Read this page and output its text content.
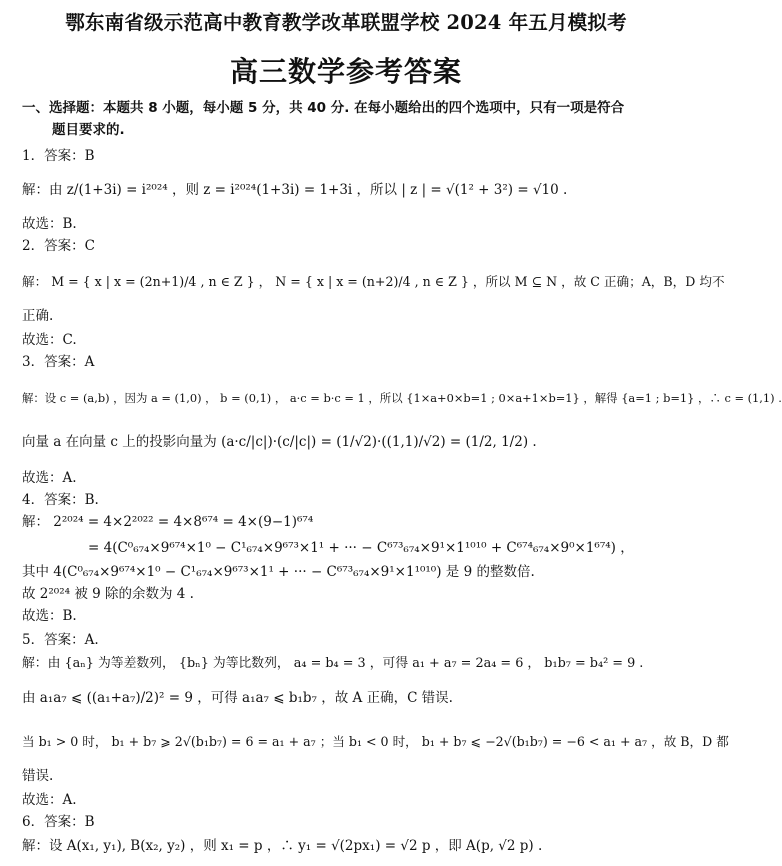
鄂东南省级示范高中教育教学改革联盟学校 2024 年五月模拟考
高三数学参考答案
一、选择题：本题共 8 小题，每小题 5 分，共 40 分. 在每小题给出的四个选项中，只有一项是符合
题目要求的.
1．答案：B
解：由 z/(1+3i) = i²⁰²⁴ ，则 z = i²⁰²⁴(1+3i) = 1+3i ，所以 | z | = √(1² + 3²) = √10 .
故选：B.
2．答案：C
解： M = { x | x = (2n+1)/4 , n ∈ Z } ， N = { x | x = (n+2)/4 , n ∈ Z } ，所以 M ⊆ N ，故 C 正确；A，B，D 均不
正确.
故选：C.
3．答案：A
解：设 c = (a,b) ，因为 a = (1,0) ， b = (0,1) ， a·c = b·c = 1 ，所以 {1×a+0×b=1 ; 0×a+1×b=1} ，解得 {a=1 ; b=1} ，∴ c = (1,1) .
向量 a 在向量 c 上的投影向量为 (a·c/|c|)·(c/|c|) = (1/√2)·((1,1)/√2) = (1/2, 1/2) .
故选：A.
4．答案：B.
解： 2²⁰²⁴ = 4×2²⁰²² = 4×8⁶⁷⁴ = 4×(9−1)⁶⁷⁴
= 4(C⁰₆₇₄×9⁶⁷⁴×1⁰ − C¹₆₇₄×9⁶⁷³×1¹ + ··· − C⁶⁷³₆₇₄×9¹×1¹⁰¹⁰ + C⁶⁷⁴₆₇₄×9⁰×1⁶⁷⁴) ，
其中 4(C⁰₆₇₄×9⁶⁷⁴×1⁰ − C¹₆₇₄×9⁶⁷³×1¹ + ··· − C⁶⁷³₆₇₄×9¹×1¹⁰¹⁰) 是 9 的整数倍.
故 2²⁰²⁴ 被 9 除的余数为 4 .
故选：B.
5．答案：A.
解：由 {aₙ} 为等差数列， {bₙ} 为等比数列， a₄ = b₄ = 3 ，可得 a₁ + a₇ = 2a₄ = 6 ， b₁b₇ = b₄² = 9 .
由 a₁a₇ ⩽ ((a₁+a₇)/2)² = 9 ，可得 a₁a₇ ⩽ b₁b₇ ，故 A 正确，C 错误.
当 b₁ > 0 时， b₁ + b₇ ⩾ 2√(b₁b₇) = 6 = a₁ + a₇ ；当 b₁ < 0 时， b₁ + b₇ ⩽ −2√(b₁b₇) = −6 < a₁ + a₇ ，故 B，D 都
错误.
故选：A.
6．答案：B
解：设 A(x₁, y₁), B(x₂, y₂) ，则 x₁ = p ，∴ y₁ = √(2px₁) = √2 p ，即 A(p, √2 p) .
